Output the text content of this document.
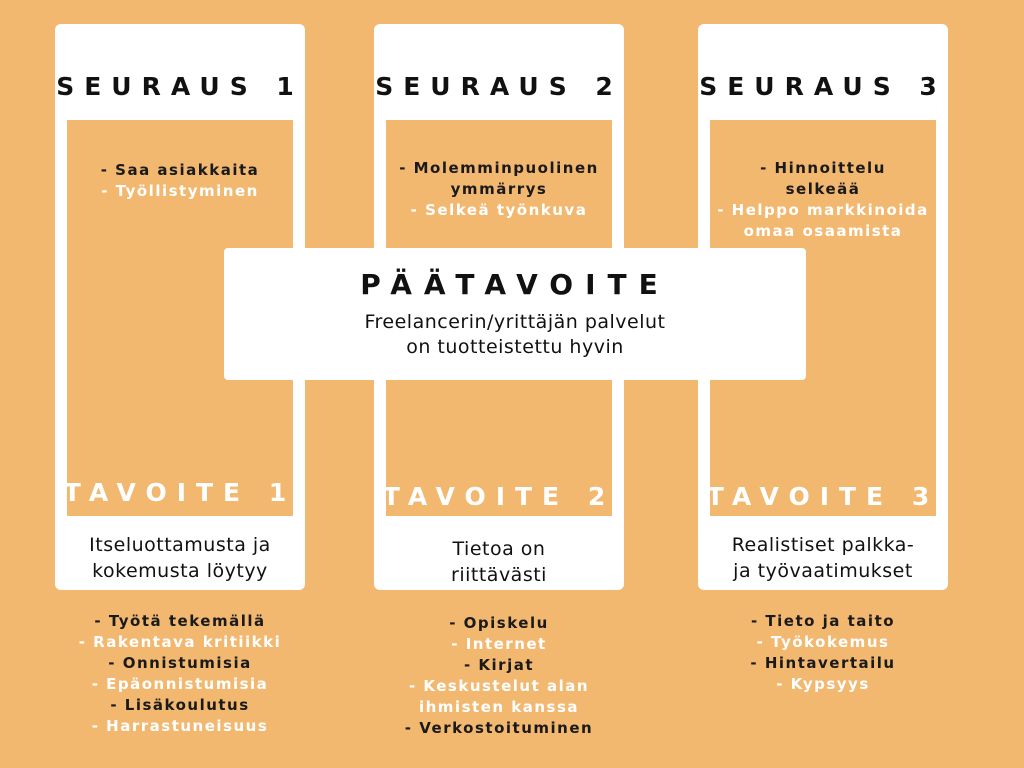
SEURAUS 1
- Saa asiakkaita
- Työllistyminen
TAVOITE 1
Itseluottamusta ja
kokemusta löytyy
SEURAUS 2
- Molemminpuolinen
ymmärrys
- Selkeä työnkuva
TAVOITE 2
Tietoa on
riittävästi
SEURAUS 3
- Hinnoittelu
selkeää
- Helppo markkinoida
omaa osaamista
TAVOITE 3
Realistiset palkka-
ja työvaatimukset
PÄÄTAVOITE
Freelancerin/yrittäjän palvelut
on tuotteistettu hyvin
- Työtä tekemällä
- Rakentava kritiikki
- Onnistumisia
- Epäonnistumisia
- Lisäkoulutus
- Harrastuneisuus
- Opiskelu
- Internet
- Kirjat
- Keskustelut alan
ihmisten kanssa
- Verkostoituminen
- Tieto ja taito
- Työkokemus
- Hintavertailu
- Kypsyys
